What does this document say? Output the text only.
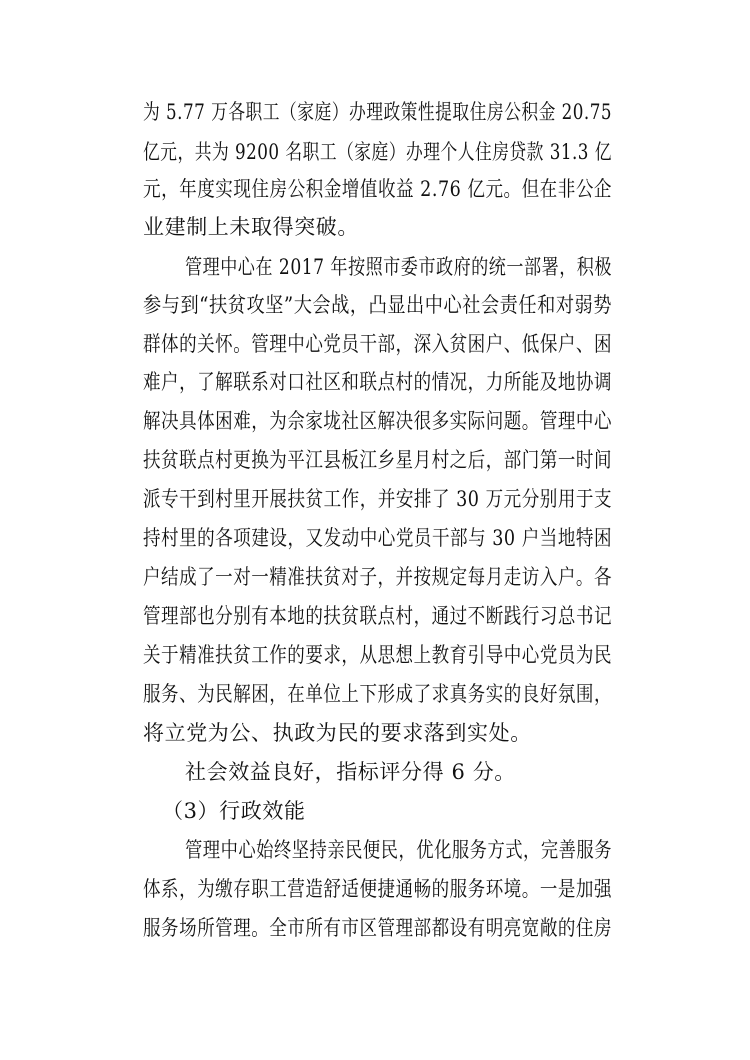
为 5.77 万各职工（家庭）办理政策性提取住房公积金 20.75

亿元，共为 9200 名职工（家庭）办理个人住房贷款 31.3 亿

元，年度实现住房公积金增值收益 2.76 亿元。但在非公企

业建制上未取得突破。

管理中心在 2017 年按照市委市政府的统一部署，积极

参与到“扶贫攻坚”大会战，凸显出中心社会责任和对弱势

群体的关怀。管理中心党员干部，深入贫困户、低保户、困

难户，了解联系对口社区和联点村的情况，力所能及地协调

解决具体困难，为佘家垅社区解决很多实际问题。管理中心

扶贫联点村更换为平江县板江乡星月村之后，部门第一时间

派专干到村里开展扶贫工作，并安排了 30 万元分别用于支

持村里的各项建设，又发动中心党员干部与 30 户当地特困

户结成了一对一精准扶贫对子，并按规定每月走访入户。各

管理部也分别有本地的扶贫联点村，通过不断践行习总书记

关于精准扶贫工作的要求，从思想上教育引导中心党员为民

服务、为民解困，在单位上下形成了求真务实的良好氛围，

将立党为公、执政为民的要求落到实处。

社会效益良好，指标评分得 6 分。

（3）行政效能

管理中心始终坚持亲民便民，优化服务方式，完善服务

体系，为缴存职工营造舒适便捷通畅的服务环境。一是加强

服务场所管理。全市所有市区管理部都设有明亮宽敞的住房
